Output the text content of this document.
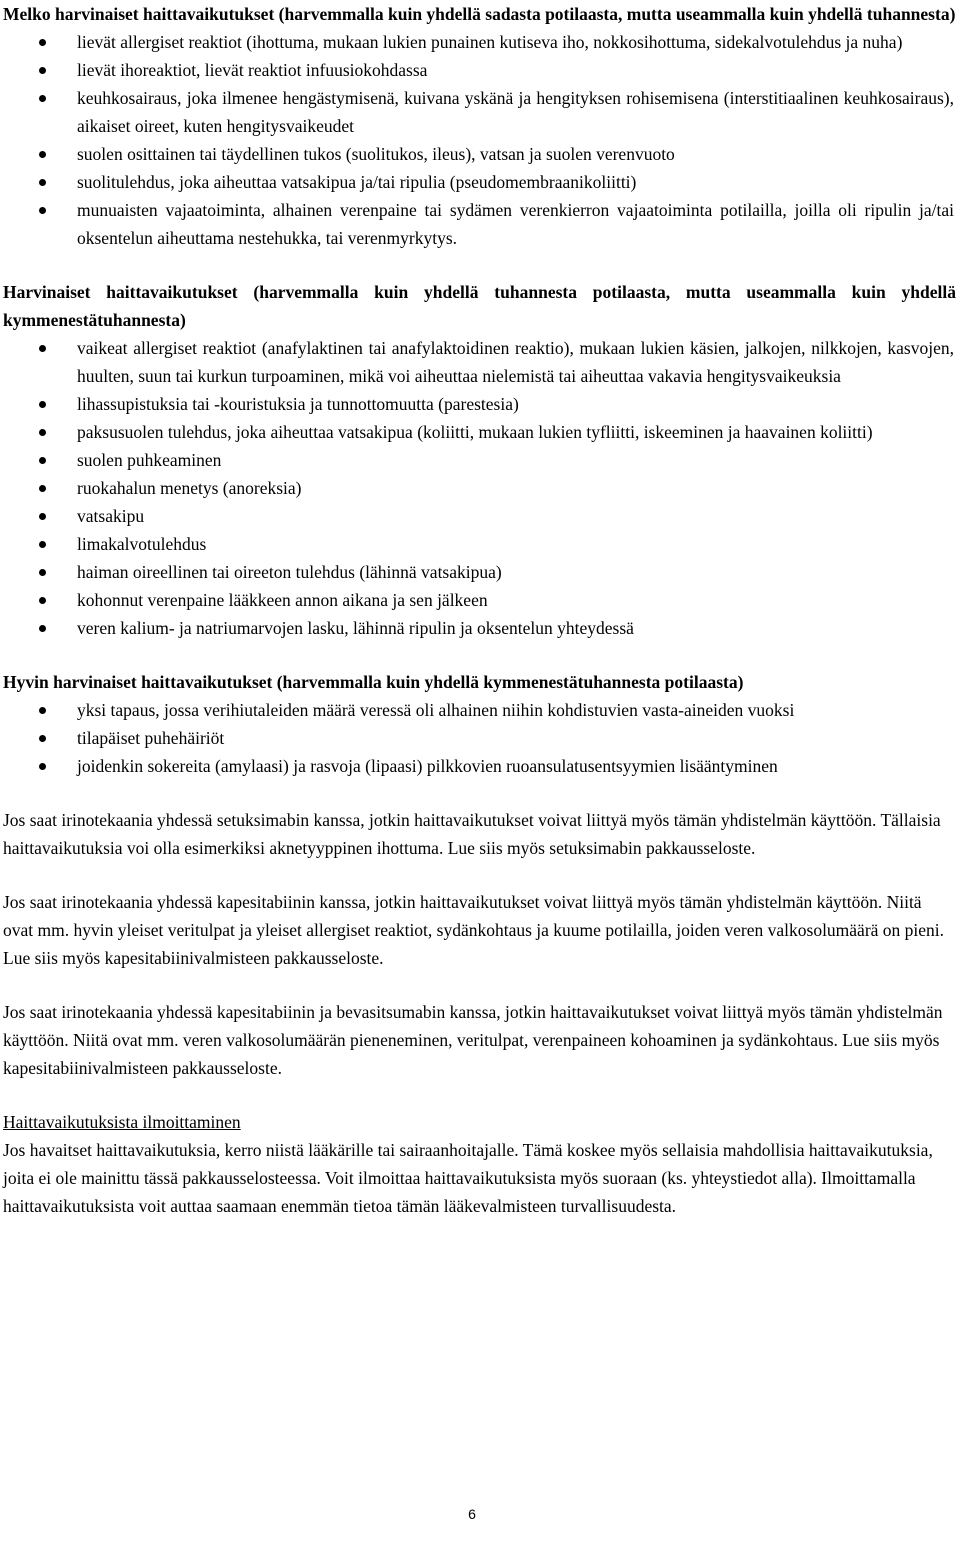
Melko harvinaiset haittavaikutukset (harvemmalla kuin yhdellä sadasta potilaasta, mutta useammalla kuin yhdellä tuhannesta)

lievät allergiset reaktiot (ihottuma, mukaan lukien punainen kutiseva iho, nokkosihottuma, sidekalvotulehdus ja nuha)
lievät ihoreaktiot, lievät reaktiot infuusiokohdassa
keuhkosairaus, joka ilmenee hengästymisenä, kuivana yskänä ja hengityksen rohisemisena (interstitiaalinen keuhkosairaus), aikaiset oireet, kuten hengitysvaikeudet
suolen osittainen tai täydellinen tukos (suolitukos, ileus), vatsan ja suolen verenvuoto
suolitulehdus, joka aiheuttaa vatsakipua ja/tai ripulia (pseudomembraanikoliitti)
munuaisten vajaatoiminta, alhainen verenpaine tai sydämen verenkierron vajaatoiminta potilailla, joilla oli ripulin ja/tai oksentelun aiheuttama nestehukka, tai verenmyrkytys.

Harvinaiset haittavaikutukset (harvemmalla kuin yhdellä tuhannesta potilaasta, mutta useammalla kuin yhdellä kymmenestätuhannesta)

vaikeat allergiset reaktiot (anafylaktinen tai anafylaktoidinen reaktio), mukaan lukien käsien, jalkojen, nilkkojen, kasvojen, huulten, suun tai kurkun turpoaminen, mikä voi aiheuttaa nielemistä tai aiheuttaa vakavia hengitysvaikeuksia
lihassupistuksia tai -kouristuksia ja tunnottomuutta (parestesia)
paksusuolen tulehdus, joka aiheuttaa vatsakipua (koliitti, mukaan lukien tyfliitti, iskeeminen ja haavainen koliitti)
suolen puhkeaminen
ruokahalun menetys (anoreksia)
vatsakipu
limakalvotulehdus
haiman oireellinen tai oireeton tulehdus (lähinnä vatsakipua)
kohonnut verenpaine lääkkeen annon aikana ja sen jälkeen
veren kalium- ja natriumarvojen lasku, lähinnä ripulin ja oksentelun yhteydessä

Hyvin harvinaiset haittavaikutukset (harvemmalla kuin yhdellä kymmenestätuhannesta potilaasta)

yksi tapaus, jossa verihiutaleiden määrä veressä oli alhainen niihin kohdistuvien vasta-aineiden vuoksi
tilapäiset puhehäiriöt
joidenkin sokereita (amylaasi) ja rasvoja (lipaasi) pilkkovien ruoansulatusentsyymien lisääntyminen

Jos saat irinotekaania yhdessä setuksimabin kanssa, jotkin haittavaikutukset voivat liittyä myös tämän yhdistelmän käyttöön. Tällaisia haittavaikutuksia voi olla esimerkiksi aknetyyppinen ihottuma. Lue siis myös setuksimabin pakkausseloste.

Jos saat irinotekaania yhdessä kapesitabiinin kanssa, jotkin haittavaikutukset voivat liittyä myös tämän yhdistelmän käyttöön. Niitä ovat mm. hyvin yleiset veritulpat ja yleiset allergiset reaktiot, sydänkohtaus ja kuume potilailla, joiden veren valkosolumäärä on pieni. Lue siis myös kapesitabiinivalmisteen pakkausseloste.

Jos saat irinotekaania yhdessä kapesitabiinin ja bevasitsumabin kanssa, jotkin haittavaikutukset voivat liittyä myös tämän yhdistelmän käyttöön. Niitä ovat mm. veren valkosolumäärän pieneneminen, veritulpat, verenpaineen kohoaminen ja sydänkohtaus. Lue siis myös kapesitabiinivalmisteen pakkausseloste.

Haittavaikutuksista ilmoittaminen

Jos havaitset haittavaikutuksia, kerro niistä lääkärille tai sairaanhoitajalle. Tämä koskee myös sellaisia mahdollisia haittavaikutuksia, joita ei ole mainittu tässä pakkausselosteessa. Voit ilmoittaa haittavaikutuksista myös suoraan (ks. yhteystiedot alla). Ilmoittamalla haittavaikutuksista voit auttaa saamaan enemmän tietoa tämän lääkevalmisteen turvallisuudesta.

6
